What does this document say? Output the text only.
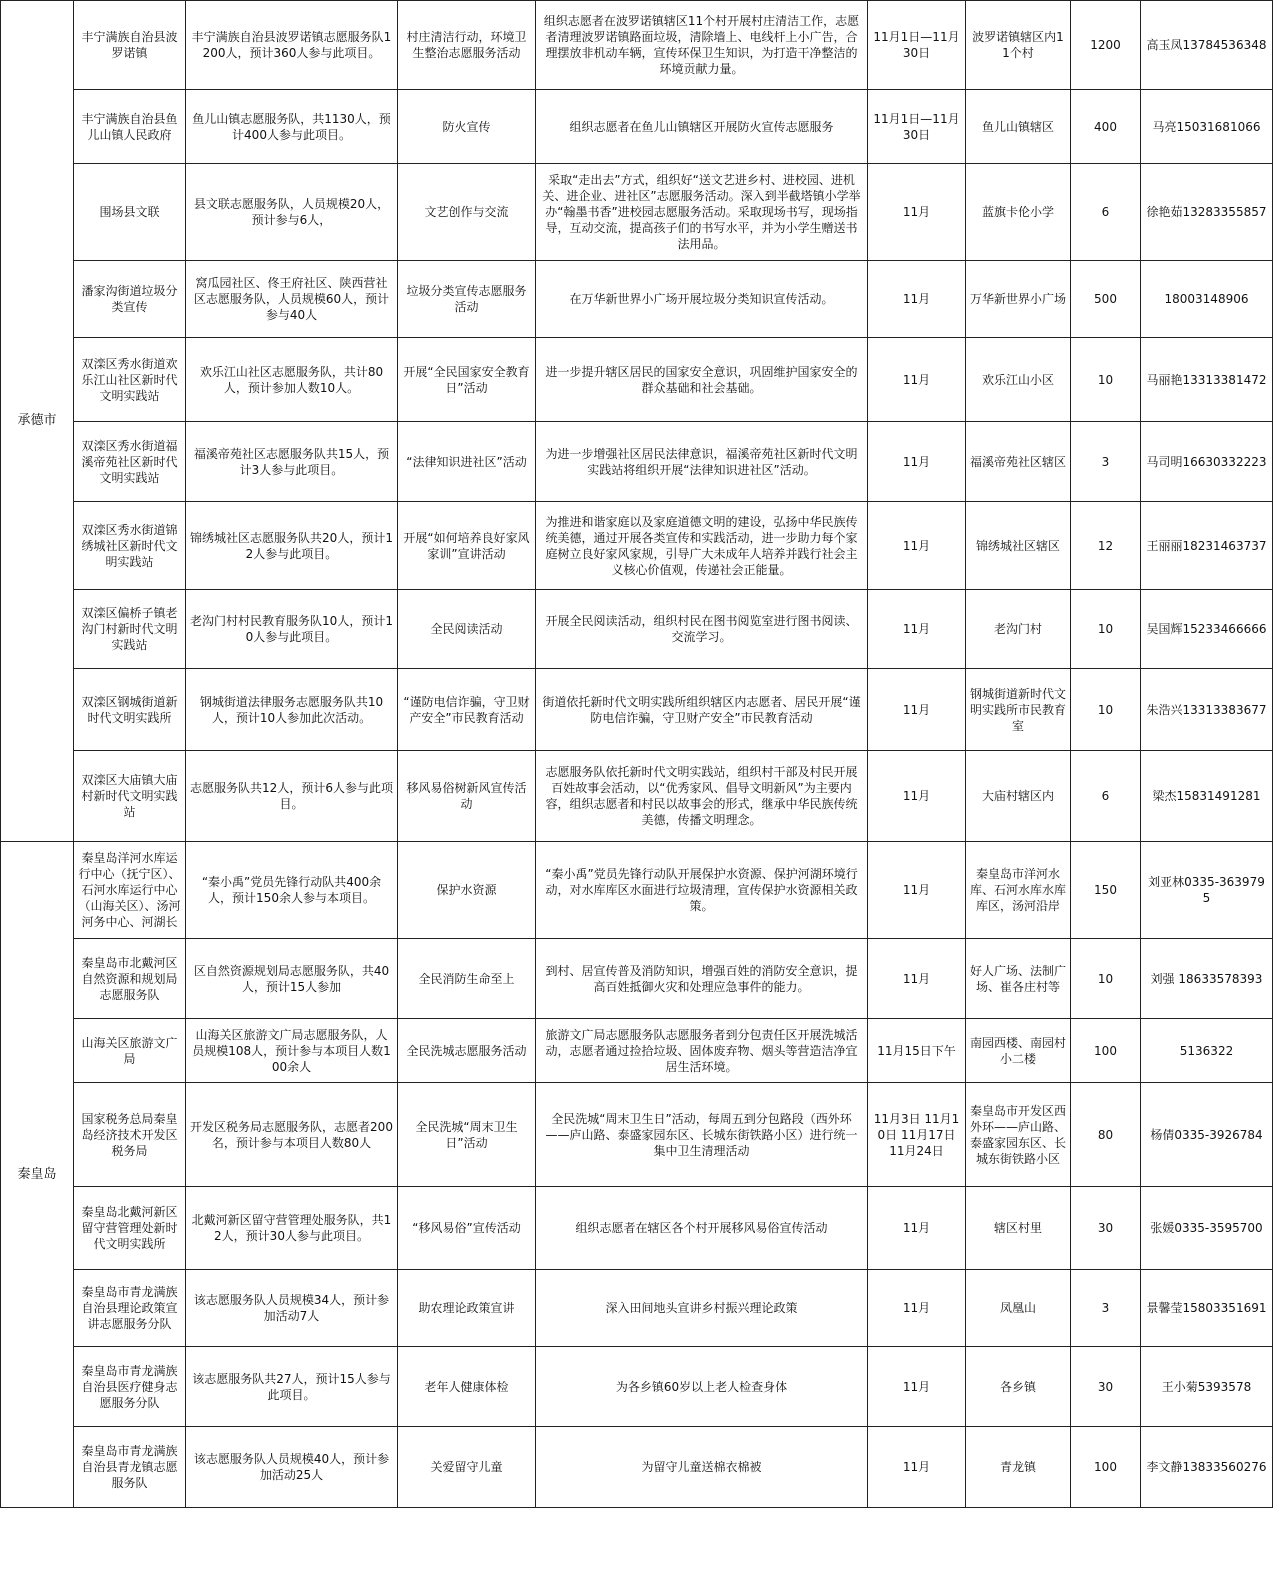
承德市	丰宁满族自治县波罗诺镇	丰宁满族自治县波罗诺镇志愿服务队1200人，预计360人参与此项目。	村庄清洁行动，环境卫生整治志愿服务活动	组织志愿者在波罗诺镇辖区11个村开展村庄清洁工作，志愿者清理波罗诺镇路面垃圾，清除墙上、电线杆上小广告，合理摆放非机动车辆，宣传环保卫生知识，为打造干净整洁的环境贡献力量。	11月1日—11月30日	波罗诺镇辖区内11个村	1200	高玉凤13784536348
	丰宁满族自治县鱼儿山镇人民政府	鱼儿山镇志愿服务队，共1130人，预计400人参与此项目。	防火宣传	组织志愿者在鱼儿山镇辖区开展防火宣传志愿服务	11月1日—11月30日	鱼儿山镇辖区	400	马亮15031681066
	围场县文联	县文联志愿服务队，人员规模20人，预计参与6人，	文艺创作与交流	采取“走出去”方式，组织好“送文艺进乡村、进校园、进机关、进企业、进社区”志愿服务活动。深入到半截塔镇小学举办“翰墨书香”进校园志愿服务活动。采取现场书写，现场指导，互动交流，提高孩子们的书写水平，并为小学生赠送书法用品。	11月	蓝旗卡伦小学	6	徐艳茹13283355857
	潘家沟街道垃圾分类宣传	窝瓜园社区、佟王府社区、陕西营社区志愿服务队，人员规模60人，预计参与40人	垃圾分类宣传志愿服务活动	在万华新世界小广场开展垃圾分类知识宣传活动。	11月	万华新世界小广场	500	18003148906
	双滦区秀水街道欢乐江山社区新时代文明实践站	欢乐江山社区志愿服务队，共计80人，预计参加人数10人。	开展“全民国家安全教育日”活动	进一步提升辖区居民的国家安全意识，巩固维护国家安全的群众基础和社会基础。	11月	欢乐江山小区	10	马丽艳13313381472
	双滦区秀水街道福溪帝苑社区新时代文明实践站	福溪帝苑社区志愿服务队共15人，预计3人参与此项目。	“法律知识进社区”活动	为进一步增强社区居民法律意识，福溪帝苑社区新时代文明实践站将组织开展“法律知识进社区”活动。	11月	福溪帝苑社区辖区	3	马司明16630332223
	双滦区秀水街道锦绣城社区新时代文明实践站	锦绣城社区志愿服务队共20人，预计12人参与此项目。	开展“如何培养良好家风家训”宣讲活动	为推进和谐家庭以及家庭道德文明的建设，弘扬中华民族传统美德，通过开展各类宣传和实践活动，进一步助力每个家庭树立良好家风家规，引导广大未成年人培养并践行社会主义核心价值观，传递社会正能量。	11月	锦绣城社区辖区	12	王丽丽18231463737
	双滦区偏桥子镇老沟门村新时代文明实践站	老沟门村村民教育服务队10人，预计10人参与此项目。	全民阅读活动	开展全民阅读活动，组织村民在图书阅览室进行图书阅读、交流学习。	11月	老沟门村	10	吴国辉15233466666
	双滦区钢城街道新时代文明实践所	钢城街道法律服务志愿服务队共10人，预计10人参加此次活动。	“谨防电信诈骗，守卫财产安全”市民教育活动	街道依托新时代文明实践所组织辖区内志愿者、居民开展“谨防电信诈骗，守卫财产安全”市民教育活动	11月	钢城街道新时代文明实践所市民教育室	10	朱浩兴13313383677
	双滦区大庙镇大庙村新时代文明实践站	志愿服务队共12人，预计6人参与此项目。	移风易俗树新风宣传活动	志愿服务队依托新时代文明实践站，组织村干部及村民开展百姓故事会活动，以“优秀家风、倡导文明新风”为主要内容，组织志愿者和村民以故事会的形式，继承中华民族传统美德，传播文明理念。	11月	大庙村辖区内	6	梁杰15831491281
秦皇岛	秦皇岛洋河水库运行中心（抚宁区）、石河水库运行中心（山海关区）、汤河河务中心、河湖长	“秦小禹”党员先锋行动队共400余人，预计150余人参与本项目。	保护水资源	“秦小禹”党员先锋行动队开展保护水资源、保护河湖环境行动，对水库库区水面进行垃圾清理，宣传保护水资源相关政策。	11月	秦皇岛市洋河水库、石河水库水库库区，汤河沿岸	150	刘亚林0335-3639795
	秦皇岛市北戴河区自然资源和规划局志愿服务队	区自然资源规划局志愿服务队，共40人，预计15人参加	全民消防生命至上	到村、居宣传普及消防知识，增强百姓的消防安全意识，提高百姓抵御火灾和处理应急事件的能力。	11月	好人广场、法制广场、崔各庄村等	10	刘强 18633578393
	山海关区旅游文广局	山海关区旅游文广局志愿服务队，人员规模108人，预计参与本项目人数100余人	全民洗城志愿服务活动	旅游文广局志愿服务队志愿服务者到分包责任区开展洗城活动，志愿者通过捡拾垃圾、固体废弃物、烟头等营造洁净宜居生活环境。	11月15日下午	南园西楼、南园村小二楼	100	5136322
	国家税务总局秦皇岛经济技术开发区税务局	开发区税务局志愿服务队，志愿者200名，预计参与本项目人数80人	全民洗城“周末卫生日”活动	全民洗城“周末卫生日”活动，每周五到分包路段（西外环——庐山路、泰盛家园东区、长城东街铁路小区）进行统一集中卫生清理活动	11月3日 11月10日 11月17日 11月24日	秦皇岛市开发区西外环——庐山路、泰盛家园东区、长城东街铁路小区	80	杨倩0335-3926784
	秦皇岛北戴河新区留守营管理处新时代文明实践所	北戴河新区留守营管理处服务队，共12人，预计30人参与此项目。	“移风易俗”宣传活动	组织志愿者在辖区各个村开展移风易俗宣传活动	11月	辖区村里	30	张媛0335-3595700
	秦皇岛市青龙满族自治县理论政策宣讲志愿服务分队	该志愿服务队人员规模34人，预计参加活动7人	助农理论政策宣讲	深入田间地头宣讲乡村振兴理论政策	11月	凤凰山	3	景馨莹15803351691
	秦皇岛市青龙满族自治县医疗健身志愿服务分队	该志愿服务队共27人，预计15人参与此项目。	老年人健康体检	为各乡镇60岁以上老人检查身体	11月	各乡镇	30	王小菊5393578
	秦皇岛市青龙满族自治县青龙镇志愿服务队	该志愿服务队人员规模40人，预计参加活动25人	关爱留守儿童	为留守儿童送棉衣棉被	11月	青龙镇	100	李文静13833560276
